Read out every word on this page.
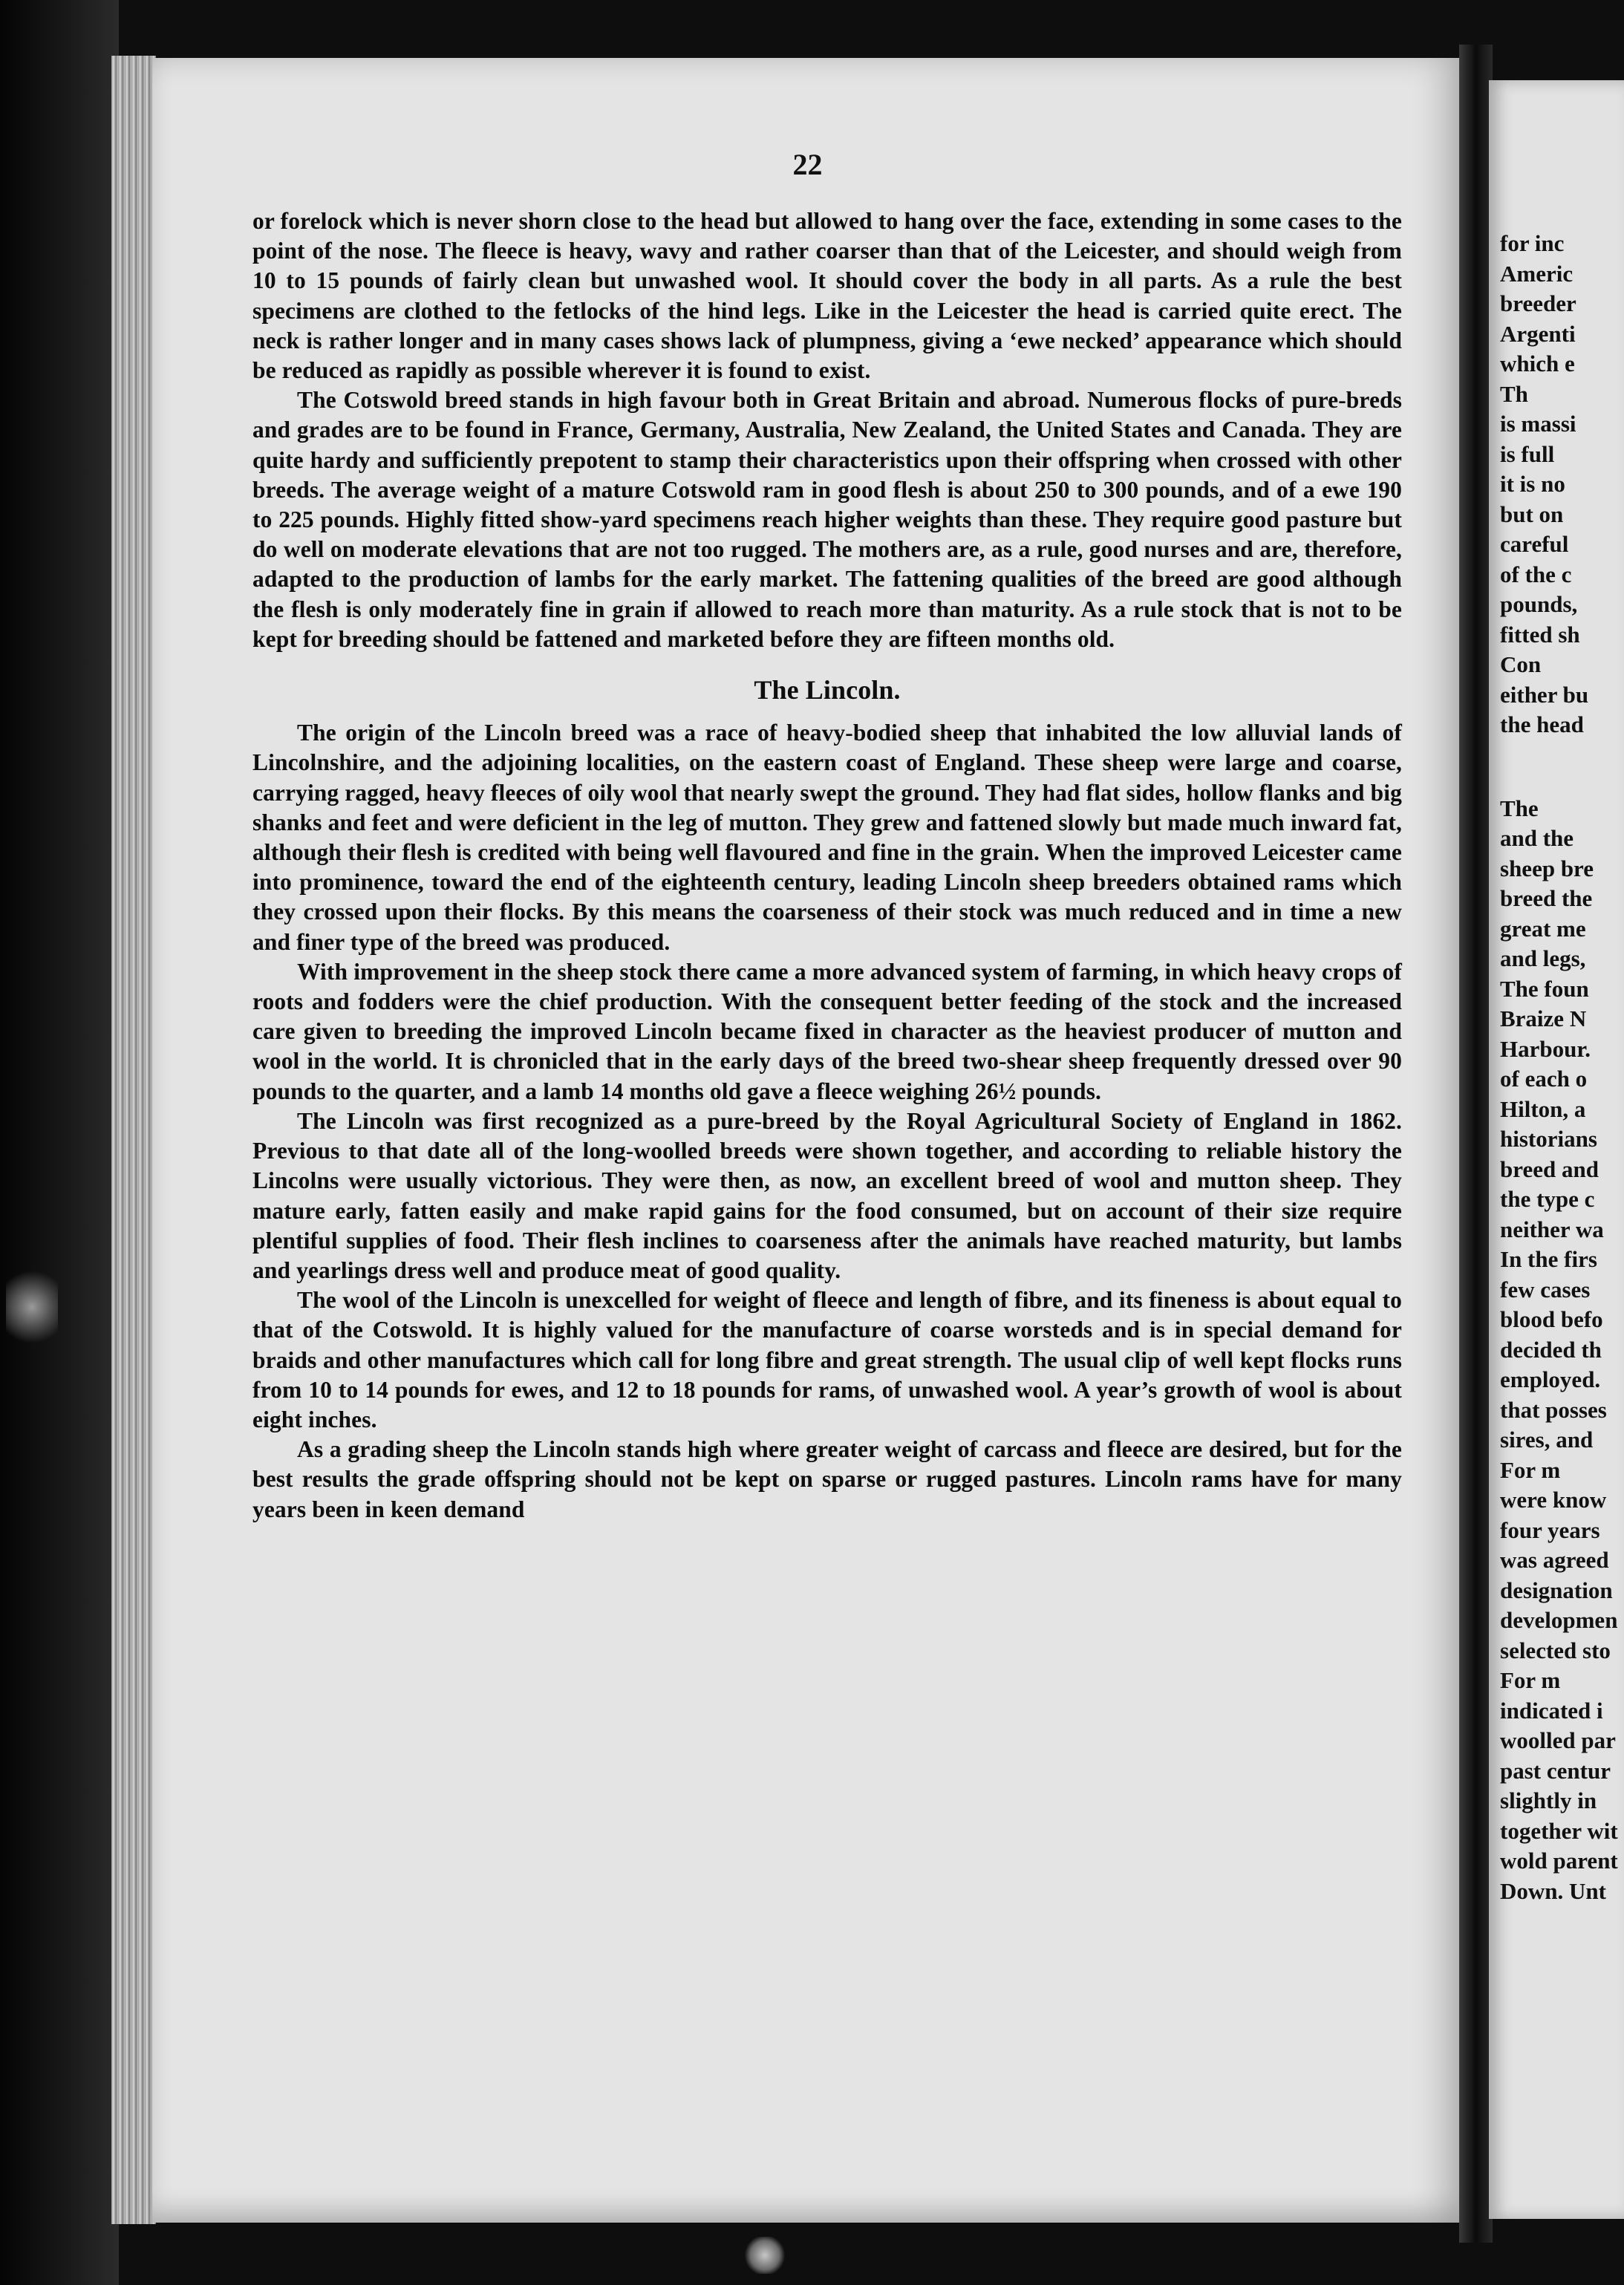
22

or forelock which is never shorn close to the head but allowed to hang over the face, extending in some cases to the point of the nose. The fleece is heavy, wavy and rather coarser than that of the Leicester, and should weigh from 10 to 15 pounds of fairly clean but unwashed wool. It should cover the body in all parts. As a rule the best specimens are clothed to the fetlocks of the hind legs. Like in the Leicester the head is carried quite erect. The neck is rather longer and in many cases shows lack of plumpness, giving a ‘ewe necked’ appearance which should be reduced as rapidly as possible wherever it is found to exist.

The Cotswold breed stands in high favour both in Great Britain and abroad. Numerous flocks of pure-breds and grades are to be found in France, Germany, Australia, New Zealand, the United States and Canada. They are quite hardy and sufficiently prepotent to stamp their characteristics upon their offspring when crossed with other breeds. The average weight of a mature Cotswold ram in good flesh is about 250 to 300 pounds, and of a ewe 190 to 225 pounds. Highly fitted show-yard specimens reach higher weights than these. They require good pasture but do well on moderate elevations that are not too rugged. The mothers are, as a rule, good nurses and are, therefore, adapted to the production of lambs for the early market. The fattening qualities of the breed are good although the flesh is only moderately fine in grain if allowed to reach more than maturity. As a rule stock that is not to be kept for breeding should be fattened and marketed before they are fifteen months old.

The Lincoln.

The origin of the Lincoln breed was a race of heavy-bodied sheep that inhabited the low alluvial lands of Lincolnshire, and the adjoining localities, on the eastern coast of England. These sheep were large and coarse, carrying ragged, heavy fleeces of oily wool that nearly swept the ground. They had flat sides, hollow flanks and big shanks and feet and were deficient in the leg of mutton. They grew and fattened slowly but made much inward fat, although their flesh is credited with being well flavoured and fine in the grain. When the improved Leicester came into prominence, toward the end of the eighteenth century, leading Lincoln sheep breeders obtained rams which they crossed upon their flocks. By this means the coarseness of their stock was much reduced and in time a new and finer type of the breed was produced.

With improvement in the sheep stock there came a more advanced system of farming, in which heavy crops of roots and fodders were the chief production. With the consequent better feeding of the stock and the increased care given to breeding the improved Lincoln became fixed in character as the heaviest producer of mutton and wool in the world. It is chronicled that in the early days of the breed two-shear sheep frequently dressed over 90 pounds to the quarter, and a lamb 14 months old gave a fleece weighing 26½ pounds.

The Lincoln was first recognized as a pure-breed by the Royal Agricultural Society of England in 1862. Previous to that date all of the long-woolled breeds were shown together, and according to reliable history the Lincolns were usually victorious. They were then, as now, an excellent breed of wool and mutton sheep. They mature early, fatten easily and make rapid gains for the food consumed, but on account of their size require plentiful supplies of food. Their flesh inclines to coarseness after the animals have reached maturity, but lambs and yearlings dress well and produce meat of good quality.

The wool of the Lincoln is unexcelled for weight of fleece and length of fibre, and its fineness is about equal to that of the Cotswold. It is highly valued for the manufacture of coarse worsteds and is in special demand for braids and other manufactures which call for long fibre and great strength. The usual clip of well kept flocks runs from 10 to 14 pounds for ewes, and 12 to 18 pounds for rams, of unwashed wool. A year’s growth of wool is about eight inches.

As a grading sheep the Lincoln stands high where greater weight of carcass and fleece are desired, but for the best results the grade offspring should not be kept on sparse or rugged pastures. Lincoln rams have for many years been in keen demand

for inc
Americ
breeder
Argenti
which e
Th
is massi
is full
it is no
but on
careful
of the c
pounds,
fitted sh
Con
either bu
the head
The
and the
sheep bre
breed the
great me
and legs,
The foun
Braize N
Harbour.
of each o
Hilton, a
historians
breed and
the type c
neither wa
In the firs
few cases
blood befo
decided th
employed.
that posses
sires, and
For m
were know
four years
was agreed
designation
developmen
selected sto
For m
indicated i
woolled par
past centur
slightly in
together wit
wold parent
Down. Unt
